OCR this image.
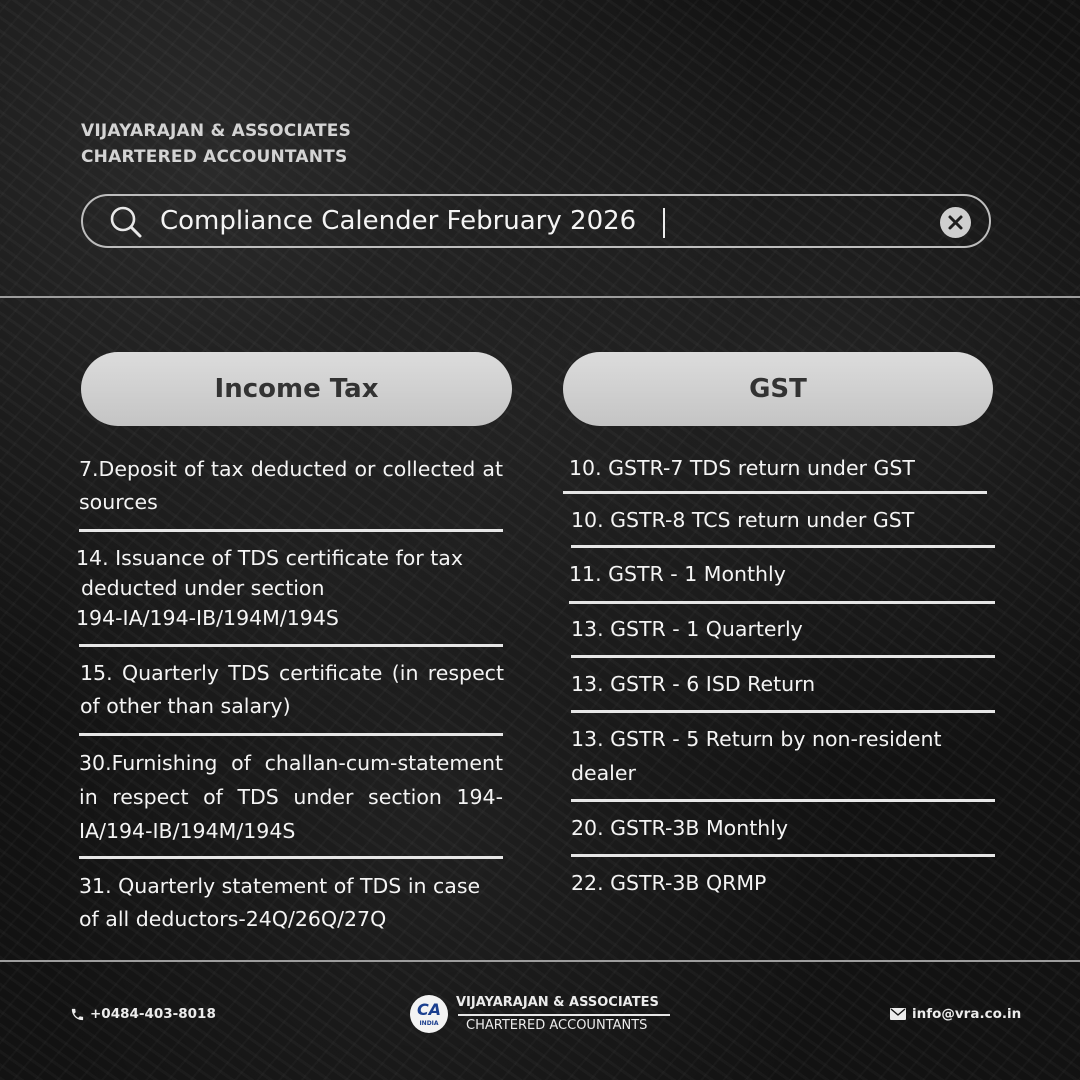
VIJAYARAJAN & ASSOCIATES
CHARTERED ACCOUNTANTS
Compliance Calender February 2026
Income Tax	GST
7.Deposit of tax deducted or collected at sources
14. Issuance of TDS certificate for tax
deducted under section
194-IA/194-IB/194M/194S
15. Quarterly TDS certificate (in respect of other than salary)
30.Furnishing of challan-cum-statement in respect of TDS under section 194-IA/194-IB/194M/194S
31. Quarterly statement of TDS in case of all deductors-24Q/26Q/27Q
10. GSTR-7 TDS return under GST
10. GSTR-8 TCS return under GST
11. GSTR - 1 Monthly
13. GSTR - 1 Quarterly
13. GSTR - 6 ISD Return
13. GSTR - 5 Return by non-resident
dealer
20. GSTR-3B Monthly
22. GSTR-3B QRMP
+0484-403-8018	CA
INDIA
VIJAYARAJAN & ASSOCIATES
CHARTERED ACCOUNTANTS
info@vra.co.in
